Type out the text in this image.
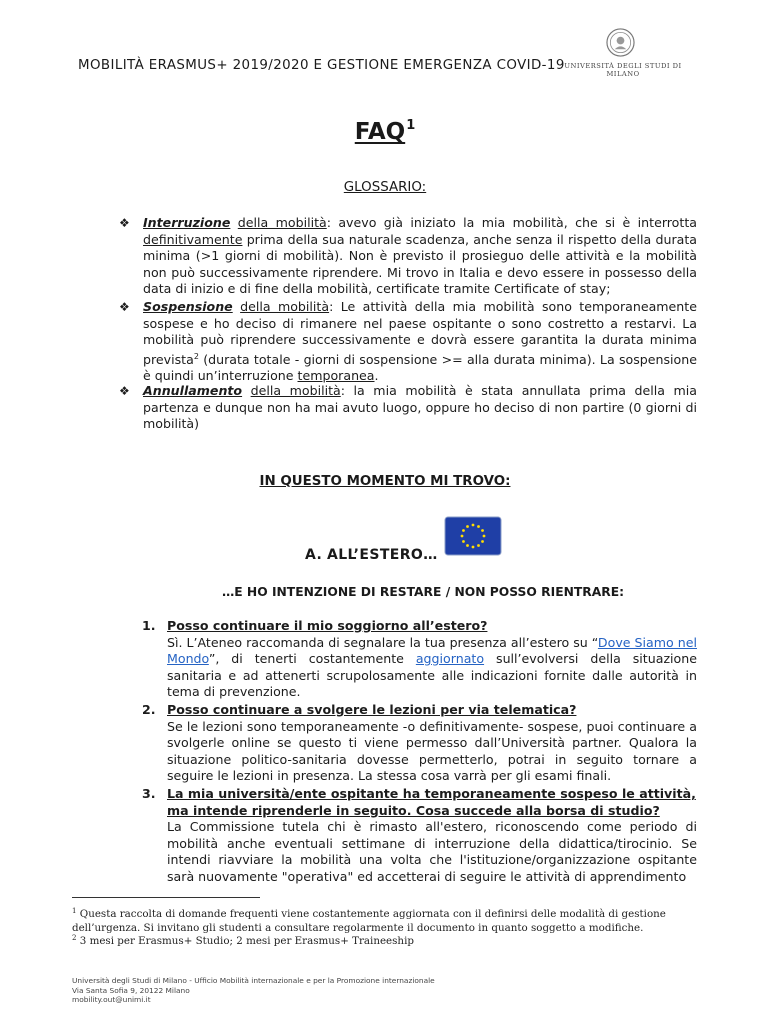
MOBILITÀ ERASMUS+ 2019/2020 E GESTIONE EMERGENZA COVID-19 UNIVERSITÀ DEGLI STUDI DI MILANO
FAQ$^1$
GLOSSARIO:
❖ Interruzione della mobilità: avevo già iniziato la mia mobilità, che si è interrotta definitivamente prima della sua naturale scadenza, anche senza il rispetto della durata minima (>1 giorni di mobilità). Non è previsto il prosieguo delle attività e la mobilità non può successivamente riprendere. Mi trovo in Italia e devo essere in possesso della data di inizio e di fine della mobilità, certificate tramite Certificate of stay;
❖ Sospensione della mobilità: Le attività della mia mobilità sono temporaneamente sospese e ho deciso di rimanere nel paese ospitante o sono costretto a restarvi. La mobilità può riprendere successivamente e dovrà essere garantita la durata minima prevista$^2$ (durata totale - giorni di sospensione >= alla durata minima). La sospensione è quindi un’interruzione temporanea.
❖ Annullamento della mobilità: la mia mobilità è stata annullata prima della mia partenza e dunque non ha mai avuto luogo, oppure ho deciso di non partire (0 giorni di mobilità)
IN QUESTO MOMENTO MI TROVO:
A. ALL’ESTERO…
…E HO INTENZIONE DI RESTARE / NON POSSO RIENTRARE:
1. Posso continuare il mio soggiorno all’estero?
Sì. L’Ateneo raccomanda di segnalare la tua presenza all’estero su “Dove Siamo nel Mondo”, di tenerti costantemente aggiornato sull’evolversi della situazione sanitaria e ad attenerti scrupolosamente alle indicazioni fornite dalle autorità in tema di prevenzione.
2. Posso continuare a svolgere le lezioni per via telematica?
Se le lezioni sono temporaneamente -o definitivamente- sospese, puoi continuare a svolgerle online se questo ti viene permesso dall’Università partner. Qualora la situazione politico-sanitaria dovesse permetterlo, potrai in seguito tornare a seguire le lezioni in presenza. La stessa cosa varrà per gli esami finali.
3. La mia università/ente ospitante ha temporaneamente sospeso le attività, ma intende riprenderle in seguito. Cosa succede alla borsa di studio?
La Commissione tutela chi è rimasto all'estero, riconoscendo come periodo di mobilità anche eventuali settimane di interruzione della didattica/tirocinio. Se intendi riavviare la mobilità una volta che l'istituzione/organizzazione ospitante sarà nuovamente "operativa" ed accetterai di seguire le attività di apprendimento
$^1$ Questa raccolta di domande frequenti viene costantemente aggiornata con il definirsi delle modalità di gestione
dell’urgenza. Si invitano gli studenti a consultare regolarmente il documento in quanto soggetto a modifiche.
$^2$ 3 mesi per Erasmus+ Studio; 2 mesi per Erasmus+ Traineeship
Università degli Studi di Milano - Ufficio Mobilità internazionale e per la Promozione internazionale
Via Santa Sofia 9, 20122 Milano
mobility.out@unimi.it
